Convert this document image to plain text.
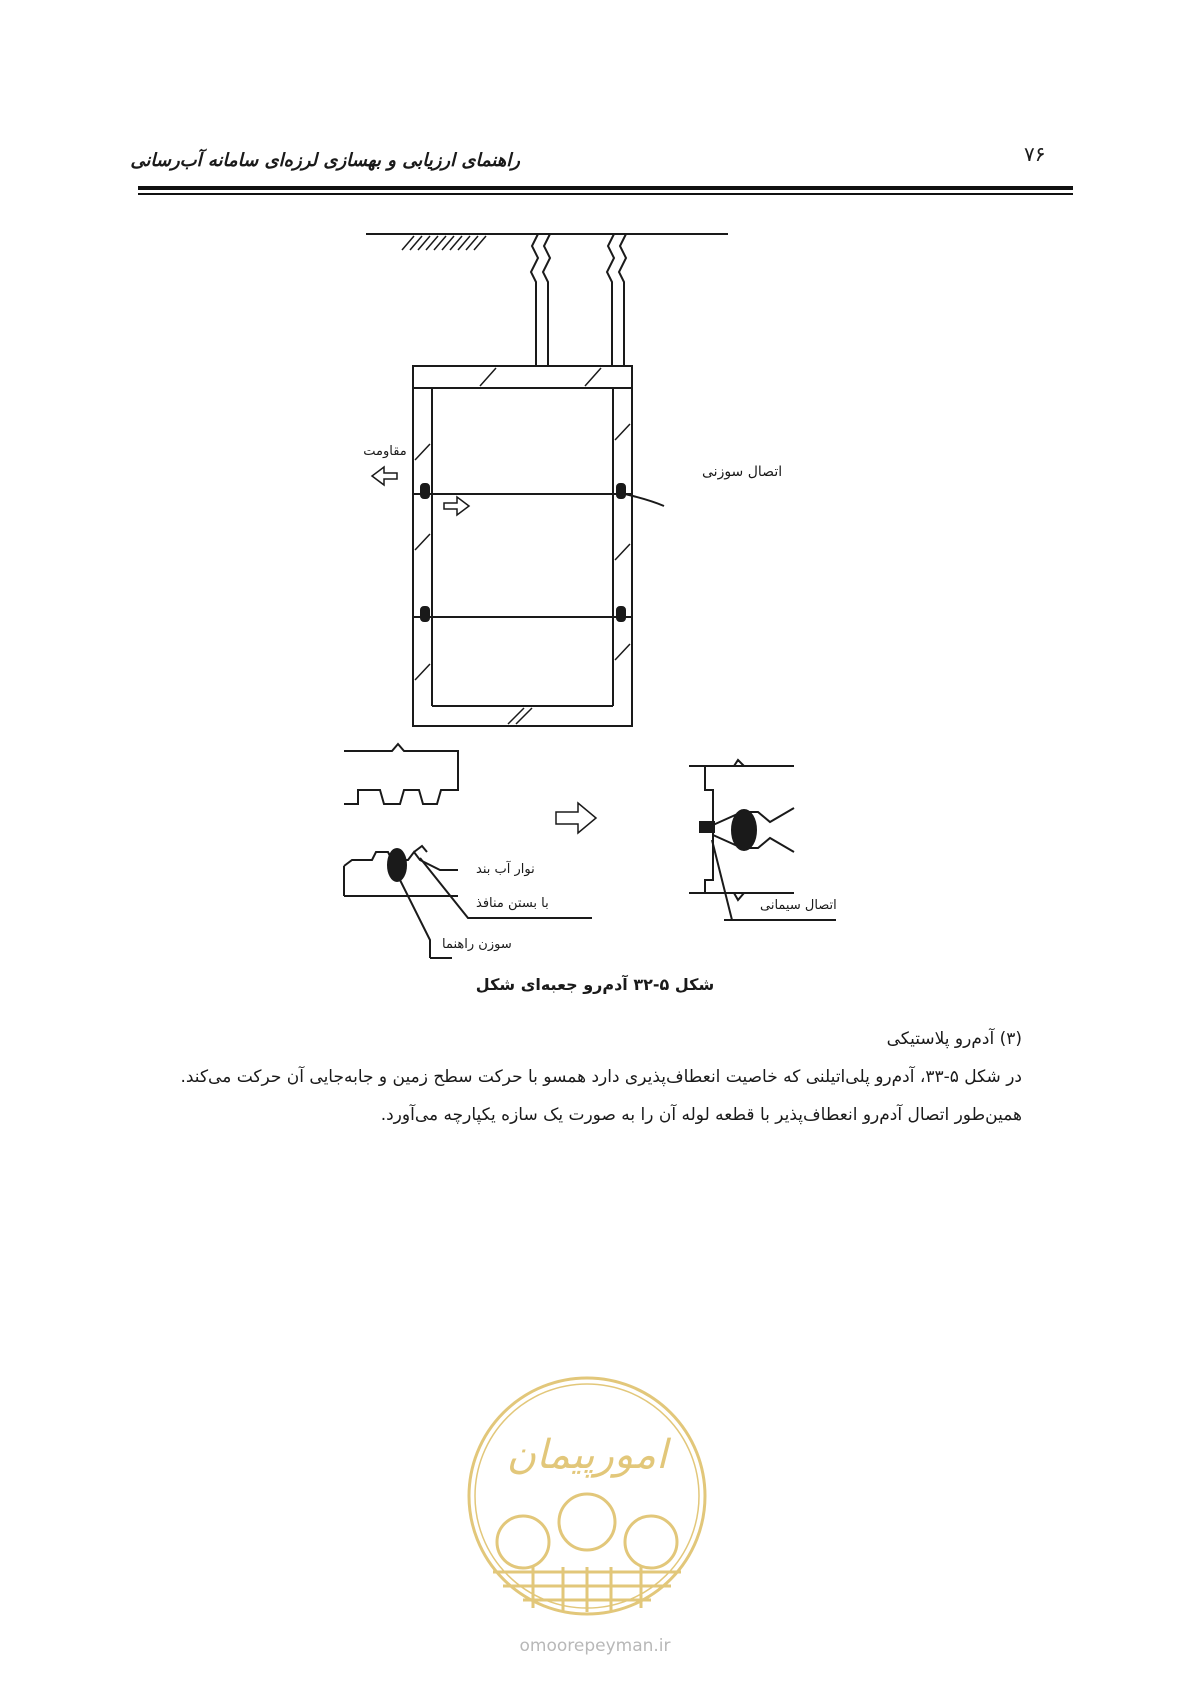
۷۶
راهنمای ارزیابی و بهسازی لرزه‌ای سامانه آب‌رسانی
مقاومت
اتصال سوزنی
نوار آب بند
با بستن منافذ
سوزن راهنما
اتصال سیمانی
شکل ۵-۳۲ آدم‌رو جعبه‌ای شکل

(۳) آدم‌رو پلاستیکی

در شکل ۵-۳۳، آدم‌رو پلی‌اتیلنی که خاصیت انعطاف‌پذیری دارد همسو با حرکت سطح زمین و جابه‌جایی آن حرکت می‌کند.

همین‌طور اتصال آدم‌رو انعطاف‌پذیر با قطعه لوله آن را به صورت یک سازه یکپارچه می‌آورد.

امورپیمان
omoorepeyman.ir
